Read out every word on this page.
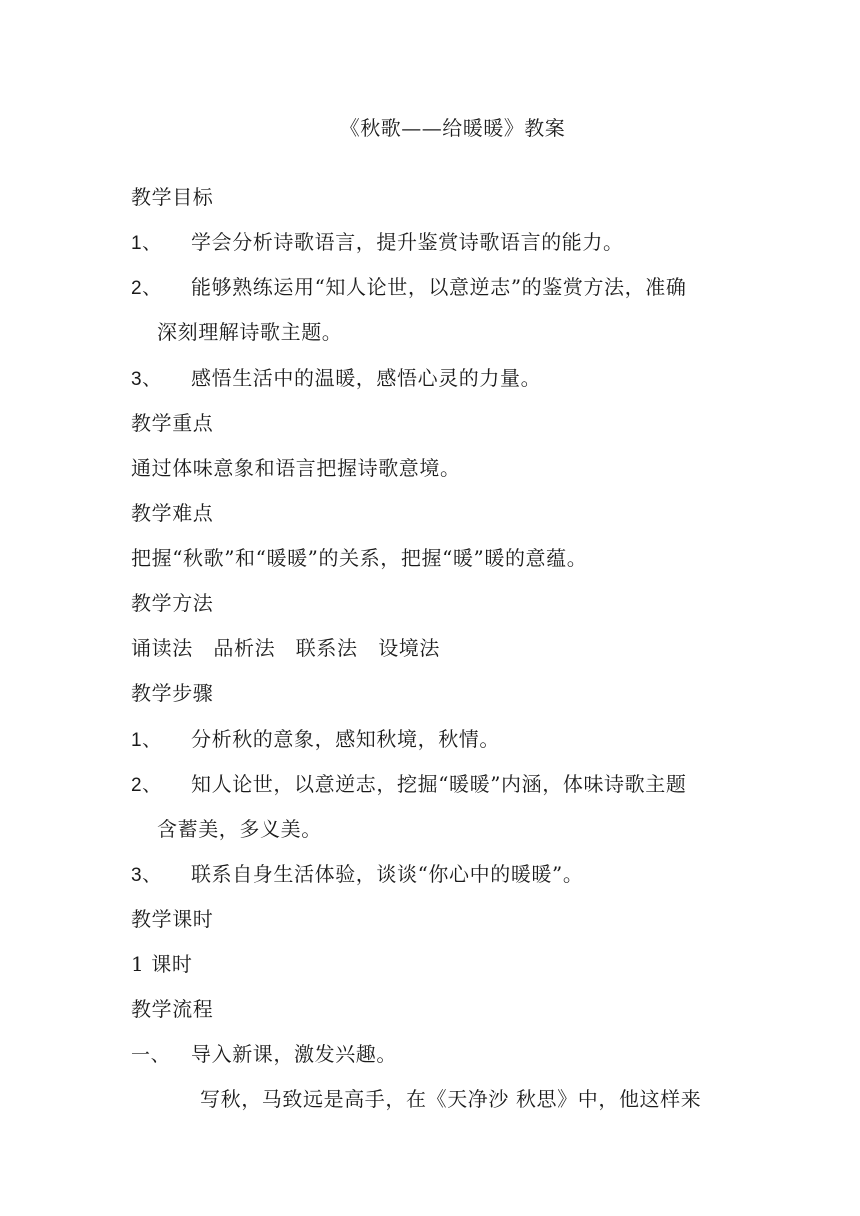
《秋歌——给暖暖》教案
教学目标
1、 学会分析诗歌语言，提升鉴赏诗歌语言的能力。
2、 能够熟练运用“知人论世，以意逆志”的鉴赏方法，准确
深刻理解诗歌主题。
3、 感悟生活中的温暖，感悟心灵的力量。
教学重点
通过体味意象和语言把握诗歌意境。
教学难点
把握“秋歌”和“暖暖”的关系，把握“暖”暖的意蕴。
教学方法
诵读法　品析法　联系法　设境法
教学步骤
1、 分析秋的意象，感知秋境，秋情。
2、 知人论世，以意逆志，挖掘“暖暖”内涵，体味诗歌主题
含蓄美，多义美。
3、 联系自身生活体验，谈谈“你心中的暖暖”。
教学课时
1 课时
教学流程
一、 导入新课，激发兴趣。
写秋，马致远是高手，在《天净沙 秋思》中，他这样来
